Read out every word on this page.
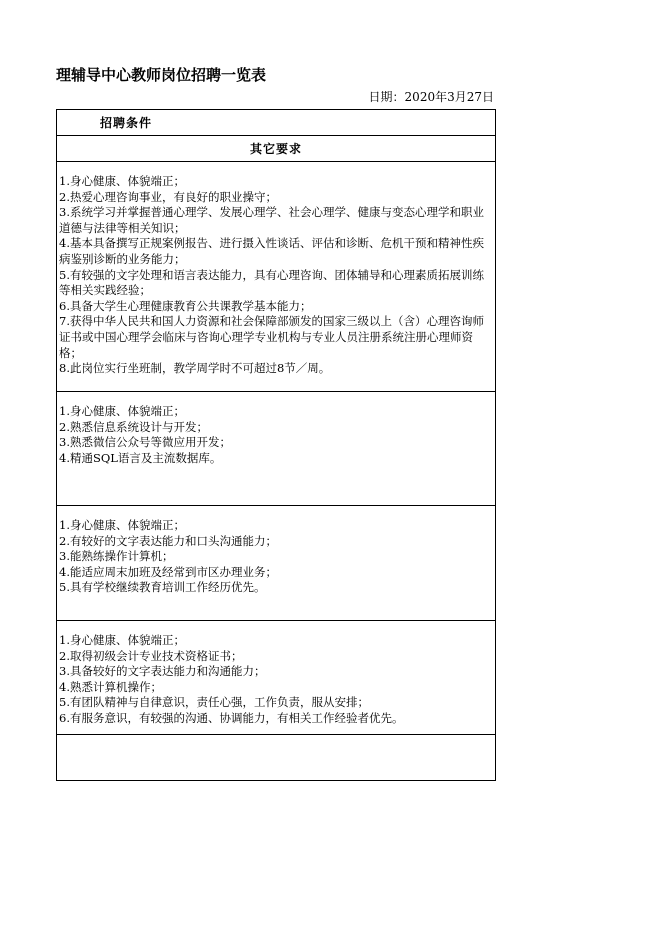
理辅导中心教师岗位招聘一览表
日期：2020年3月27日
招聘条件
其它要求
1.身心健康、体貌端正；
2.热爱心理咨询事业，有良好的职业操守；
3.系统学习并掌握普通心理学、发展心理学、社会心理学、健康与变态心理学和职业道德与法律等相关知识；
4.基本具备撰写正规案例报告、进行摄入性谈话、评估和诊断、危机干预和精神性疾病鉴别诊断的业务能力；
5.有较强的文字处理和语言表达能力，具有心理咨询、团体辅导和心理素质拓展训练等相关实践经验；
6.具备大学生心理健康教育公共课教学基本能力；
7.获得中华人民共和国人力资源和社会保障部颁发的国家三级以上（含）心理咨询师证书或中国心理学会临床与咨询心理学专业机构与专业人员注册系统注册心理师资格；
8.此岗位实行坐班制，教学周学时不可超过8节／周。
1.身心健康、体貌端正；
2.熟悉信息系统设计与开发；
3.熟悉微信公众号等微应用开发；
4.精通SQL语言及主流数据库。
1.身心健康、体貌端正；
2.有较好的文字表达能力和口头沟通能力；
3.能熟练操作计算机；
4.能适应周末加班及经常到市区办理业务；
5.具有学校继续教育培训工作经历优先。
1.身心健康、体貌端正；
2.取得初级会计专业技术资格证书；
3.具备较好的文字表达能力和沟通能力；
4.熟悉计算机操作；
5.有团队精神与自律意识，责任心强，工作负责，服从安排；
6.有服务意识，有较强的沟通、协调能力，有相关工作经验者优先。
